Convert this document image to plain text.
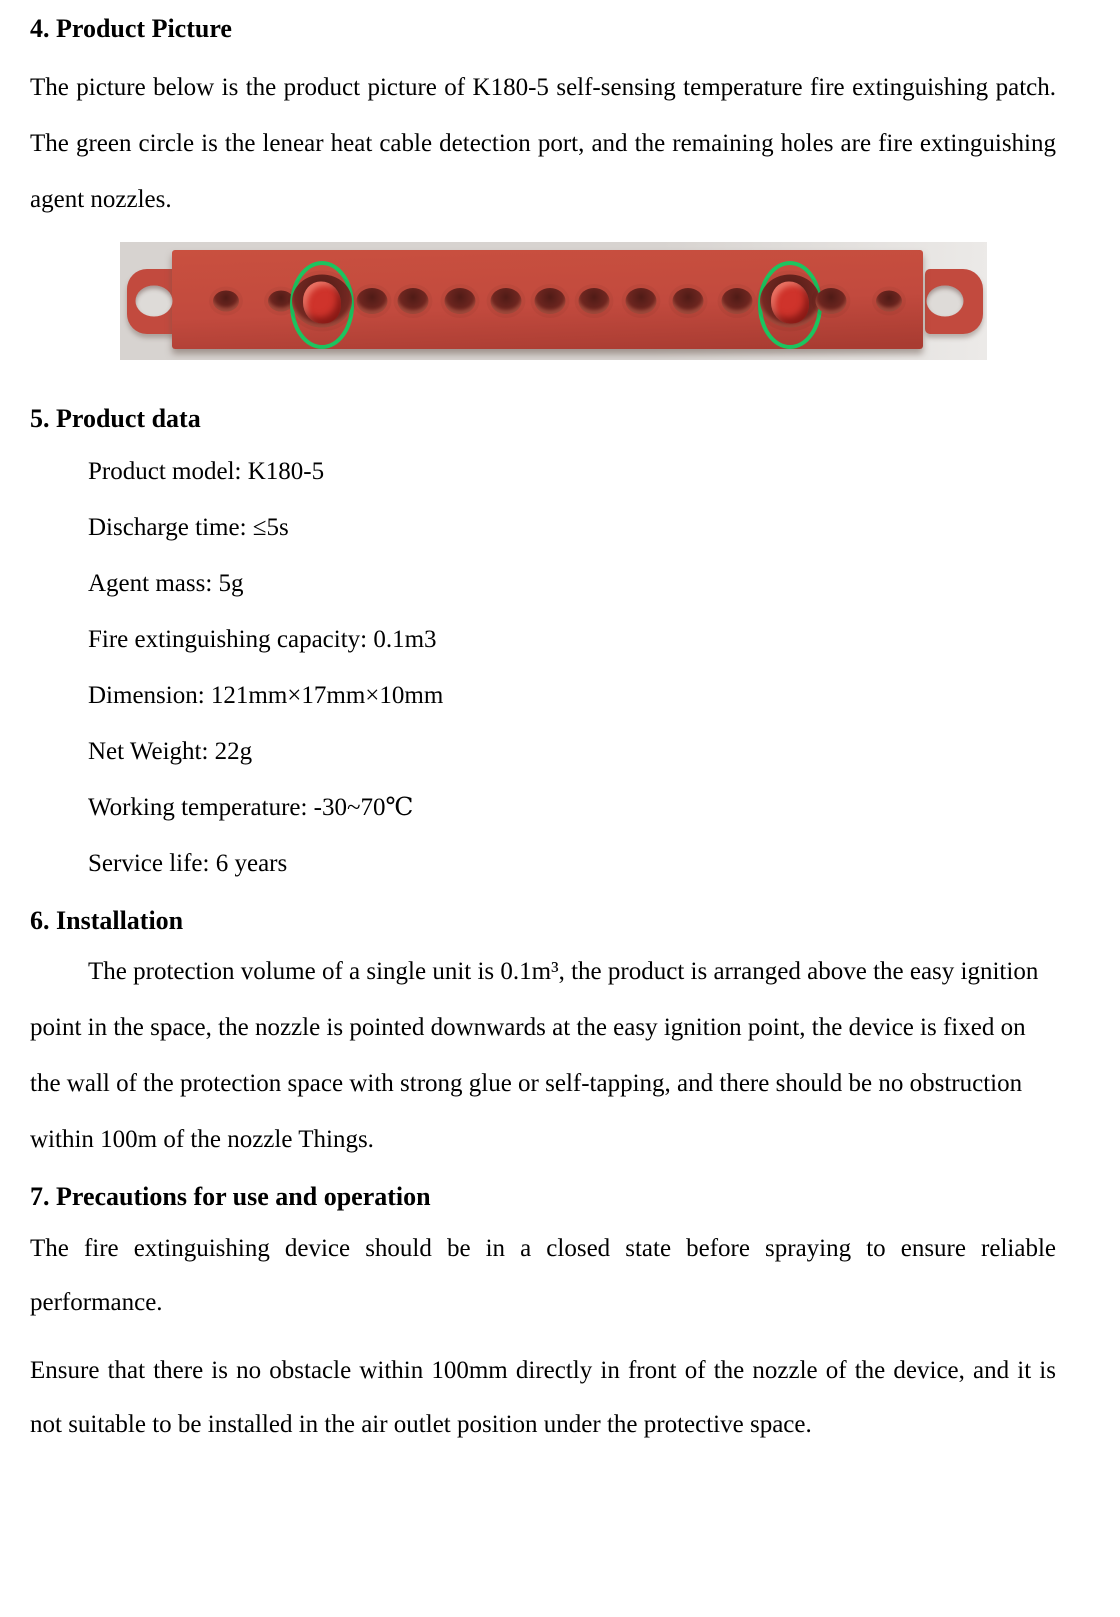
4. Product Picture

The picture below is the product picture of K180-5 self-sensing temperature fire extinguishing patch. The green circle is the lenear heat cable detection port, and the remaining holes are fire extinguishing agent nozzles.

5. Product data
Product model: K180-5
Discharge time: ≤5s
Agent mass: 5g
Fire extinguishing capacity: 0.1m3
Dimension: 121mm×17mm×10mm
Net Weight: 22g
Working temperature: -30~70℃
Service life: 6 years
6. Installation

The protection volume of a single unit is 0.1m³, the product is arranged above the easy ignition point in the space, the nozzle is pointed downwards at the easy ignition point, the device is fixed on the wall of the protection space with strong glue or self-tapping, and there should be no obstruction within 100m of the nozzle Things.

7. Precautions for use and operation

The fire extinguishing device should be in a closed state before spraying to ensure reliable performance.

Ensure that there is no obstacle within 100mm directly in front of the nozzle of the device, and it is not suitable to be installed in the air outlet position under the protective space.
